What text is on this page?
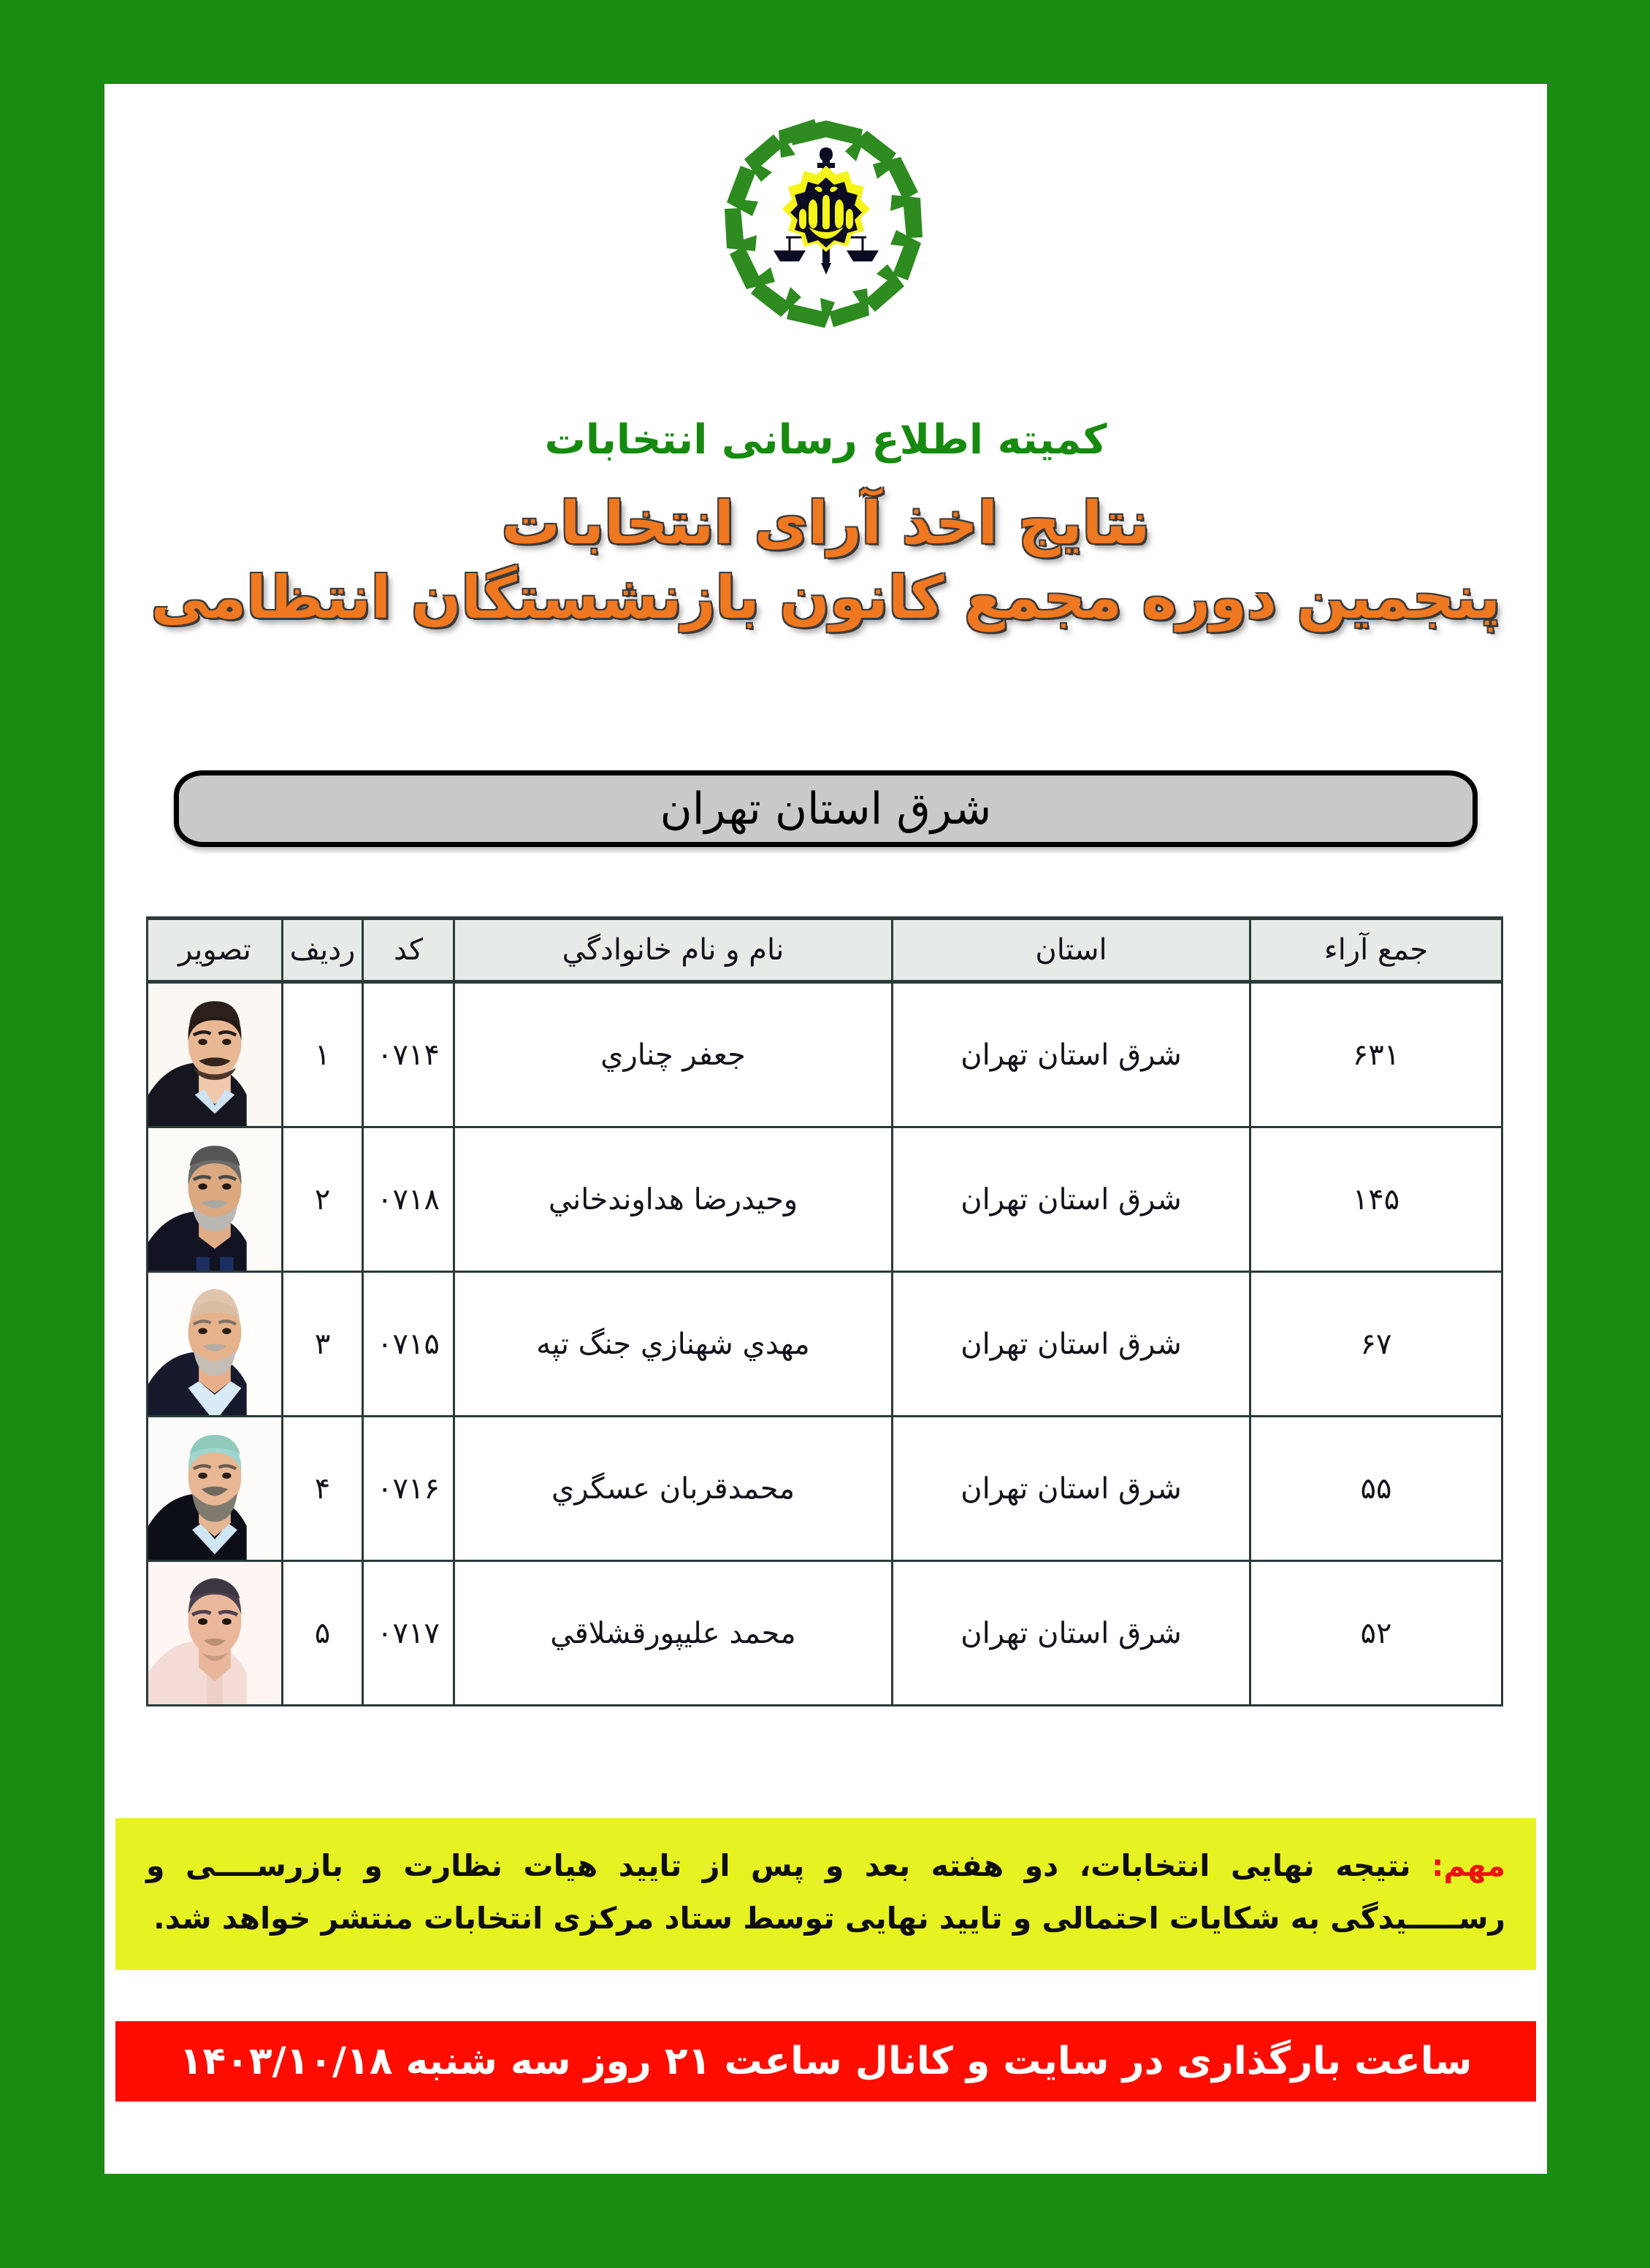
کمیته اطلاع رسانی انتخابات
نتایج اخذ آرای انتخابات
پنجمین دوره مجمع کانون بازنشستگان انتظامی
شرق استان تهران
جمع آراء	استان	نام و نام خانوادگي	کد	ردیف	تصویر
۶۳۱	شرق استان تهران	جعفر چناري	۰۷۱۴	۱	

۱۴۵	شرق استان تهران	وحیدرضا هداوندخاني	۰۷۱۸	۲	

۶۷	شرق استان تهران	مهدي شهنازي جنگ تپه	۰۷۱۵	۳	

۵۵	شرق استان تهران	محمدقربان عسگري	۰۷۱۶	۴	

۵۲	شرق استان تهران	محمد علیپورقشلاقي	۰۷۱۷	۵	
مهم: نتیجه نهایی انتخابات، دو هفته بعد و پس از تایید هیات نظارت و بازرســــی و رســـــیدگی به شکایات احتمالی و تایید نهایی توسط ستاد مرکزی انتخابات منتشر خواهد شد.
ساعت بارگذاری در سایت و کانال ساعت ۲۱ روز سه شنبه ۱۴۰۳/۱۰/۱۸
